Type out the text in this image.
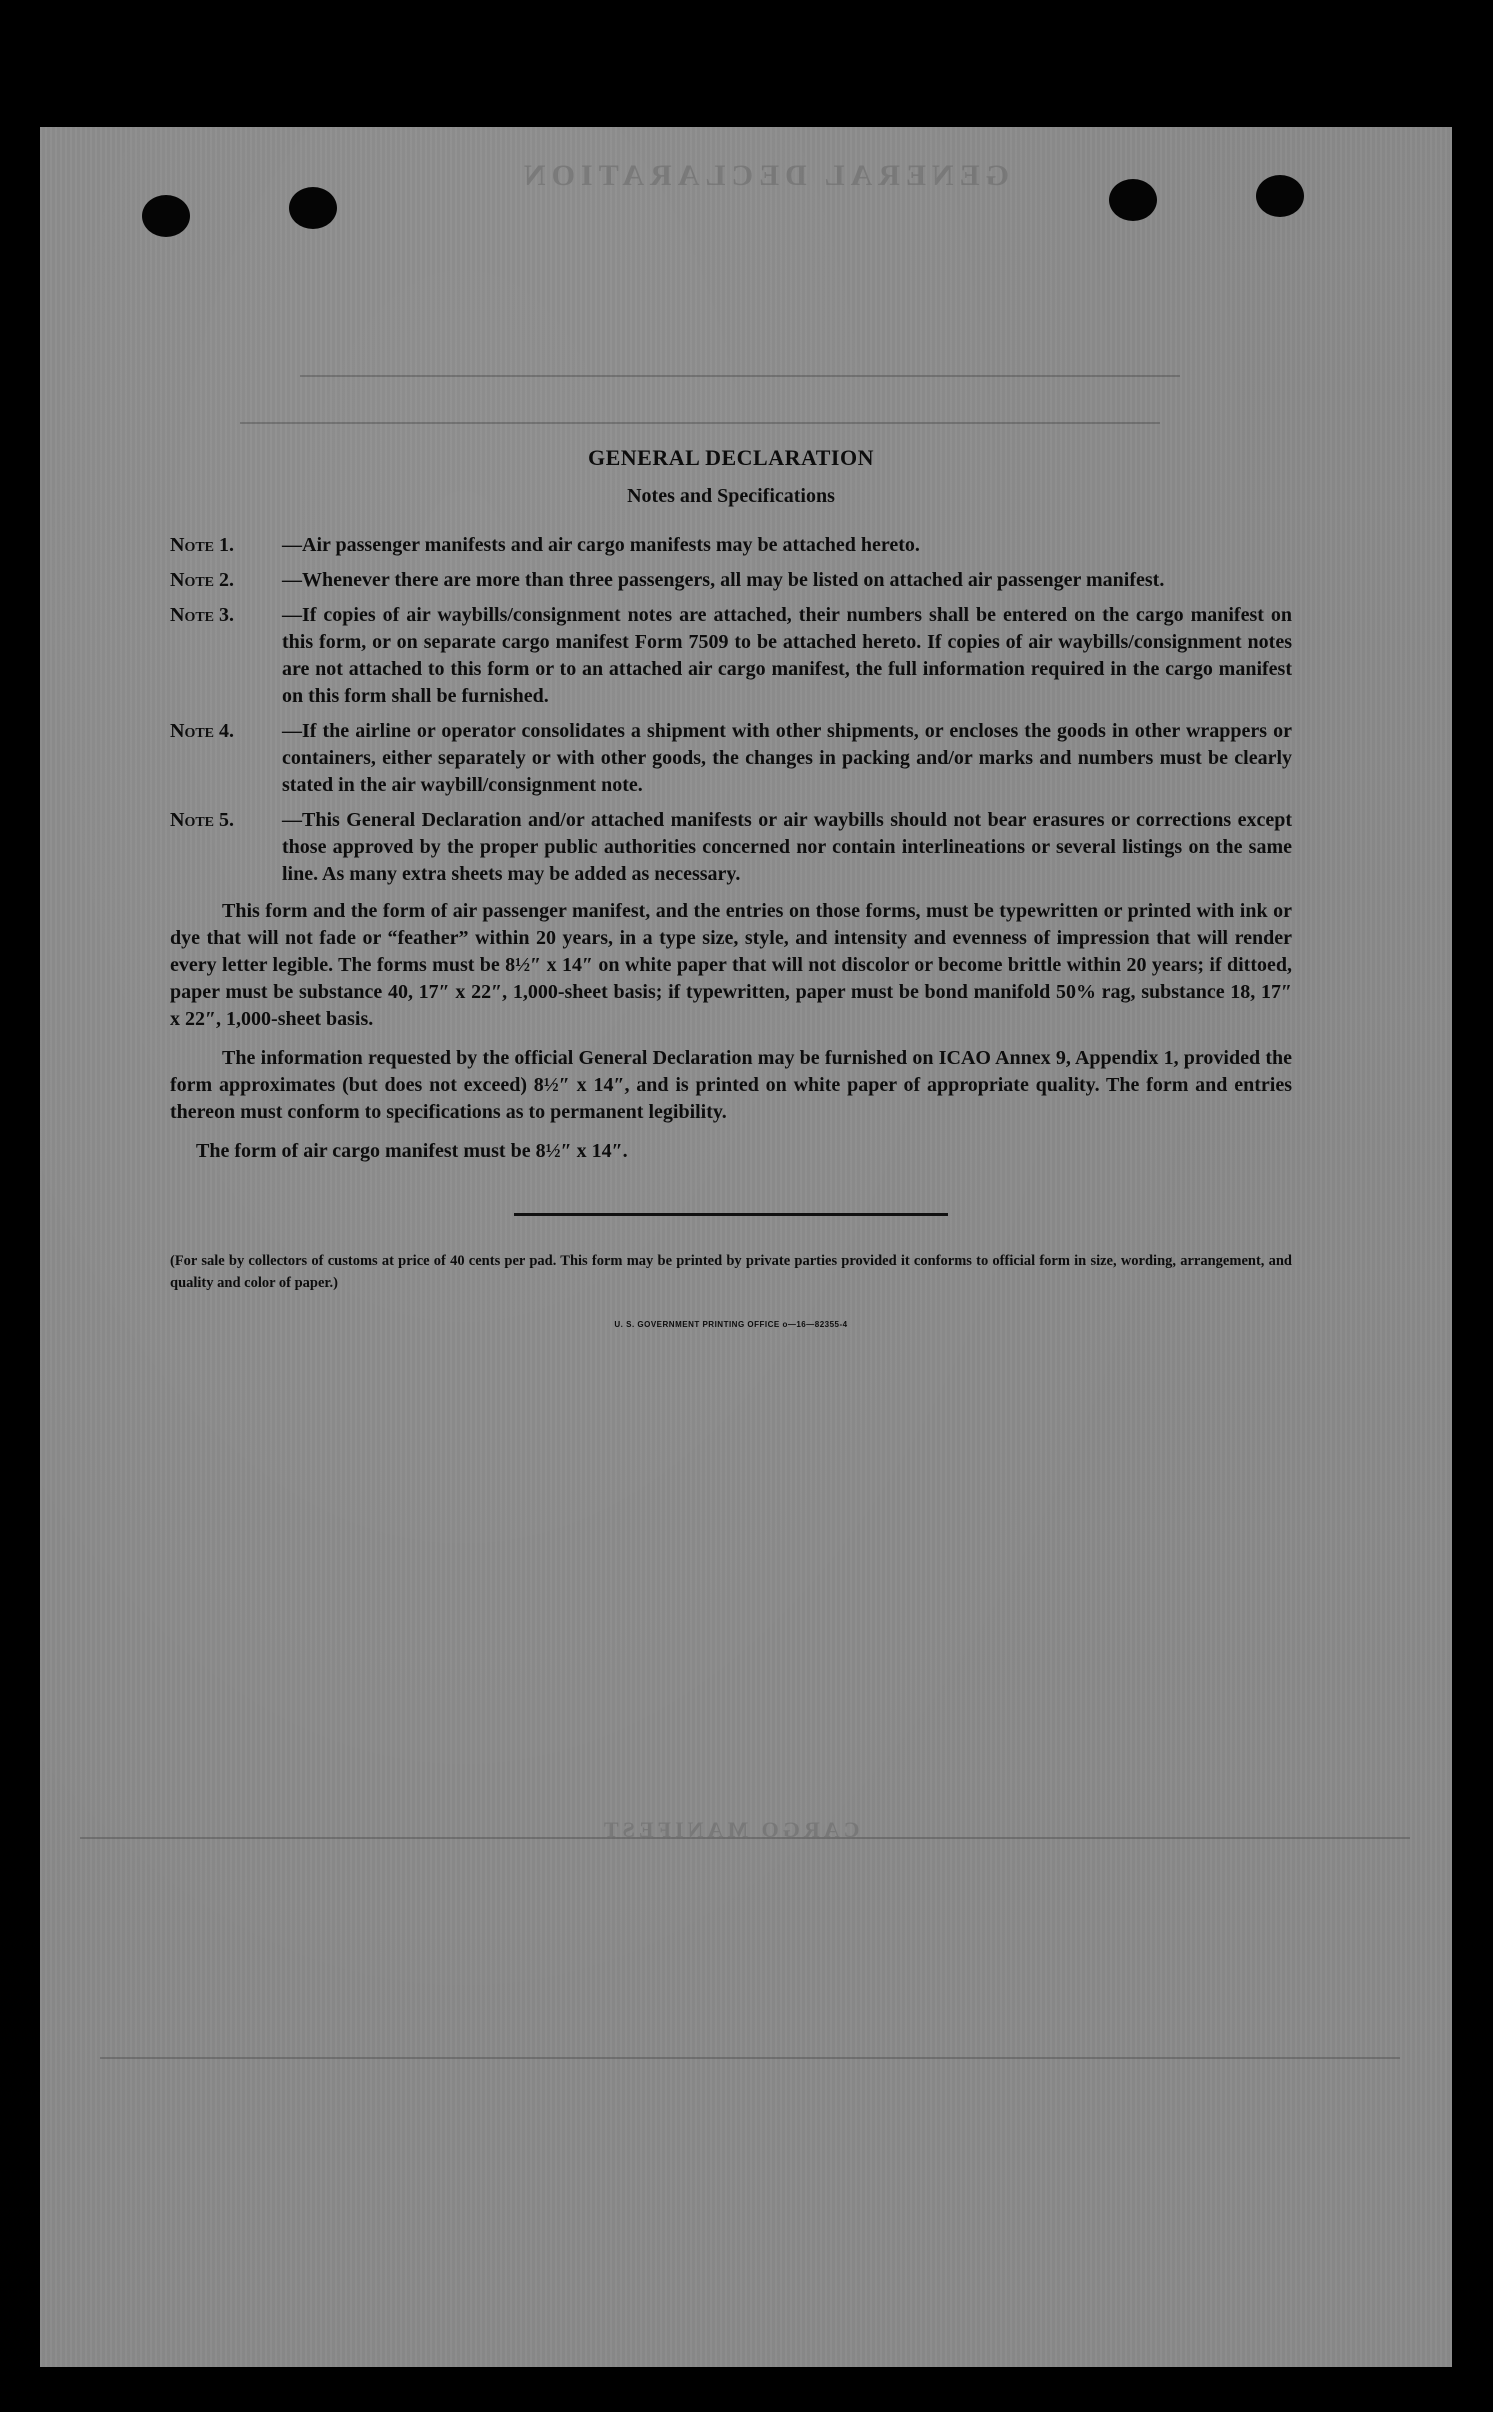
GENERAL DECLARATION
CARGO MANIFEST
GENERAL DECLARATION
Notes and Specifications
Note 1.	—Air passenger manifests and air cargo manifests may be attached hereto.
Note 2.	—Whenever there are more than three passengers, all may be listed on attached air passenger manifest.
Note 3.	—If copies of air waybills/consignment notes are attached, their numbers shall be entered on the cargo manifest on this form, or on separate cargo manifest Form 7509 to be attached hereto. If copies of air waybills/consignment notes are not attached to this form or to an attached air cargo manifest, the full information required in the cargo manifest on this form shall be furnished.
Note 4.	—If the airline or operator consolidates a shipment with other shipments, or encloses the goods in other wrappers or containers, either separately or with other goods, the changes in packing and/or marks and numbers must be clearly stated in the air waybill/consignment note.
Note 5.	—This General Declaration and/or attached manifests or air waybills should not bear erasures or corrections except those approved by the proper public authorities concerned nor contain interlineations or several listings on the same line. As many extra sheets may be added as necessary.

This form and the form of air passenger manifest, and the entries on those forms, must be typewritten or printed with ink or dye that will not fade or “feather” within 20 years, in a type size, style, and intensity and evenness of impression that will render every letter legible. The forms must be 8½″ x 14″ on white paper that will not discolor or become brittle within 20 years; if dittoed, paper must be substance 40, 17″ x 22″, 1,000-sheet basis; if typewritten, paper must be bond manifold 50% rag, substance 18, 17″ x 22″, 1,000-sheet basis.

The information requested by the official General Declaration may be furnished on ICAO Annex 9, Appendix 1, provided the form approximates (but does not exceed) 8½″ x 14″, and is printed on white paper of appropriate quality. The form and entries thereon must conform to specifications as to permanent legibility.

The form of air cargo manifest must be 8½″ x 14″.

(For sale by collectors of customs at price of 40 cents per pad. This form may be printed by private parties provided it conforms to official form in size, wording, arrangement, and quality and color of paper.)
U. S. GOVERNMENT PRINTING OFFICE o—16—82355-4
